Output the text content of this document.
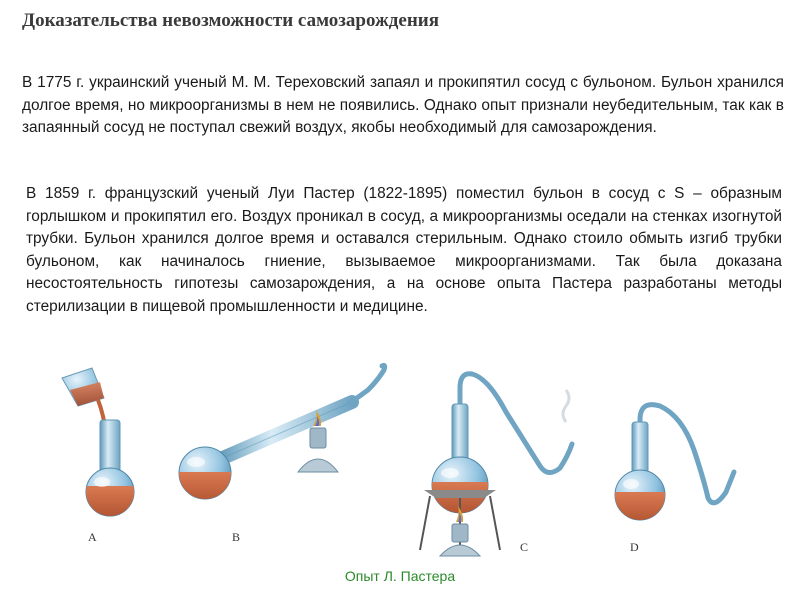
Доказательства невозможности самозарождения
В 1775 г. украинский ученый М. М. Тереховский запаял и прокипятил сосуд с бульоном. Бульон хранился долгое время, но микроорганизмы в нем не появились. Однако опыт признали неубедительным, так как в запаянный сосуд не поступал свежий воздух, якобы необходимый для самозарождения.
В 1859 г. французский ученый Луи Пастер (1822-1895) поместил бульон в сосуд с S – образным горлышком и прокипятил его. Воздух проникал в сосуд, а микроорганизмы оседали на стенках изогнутой трубки. Бульон хранился долгое время и оставался стерильным. Однако стоило обмыть изгиб трубки бульоном, как начиналось гниение, вызываемое микроорганизмами. Так была доказана несостоятельность гипотезы самозарождения, а на основе опыта Пастера разработаны методы стерилизации в пищевой промышленности и медицине.
A	B
C	D
Опыт Л. Пастера
